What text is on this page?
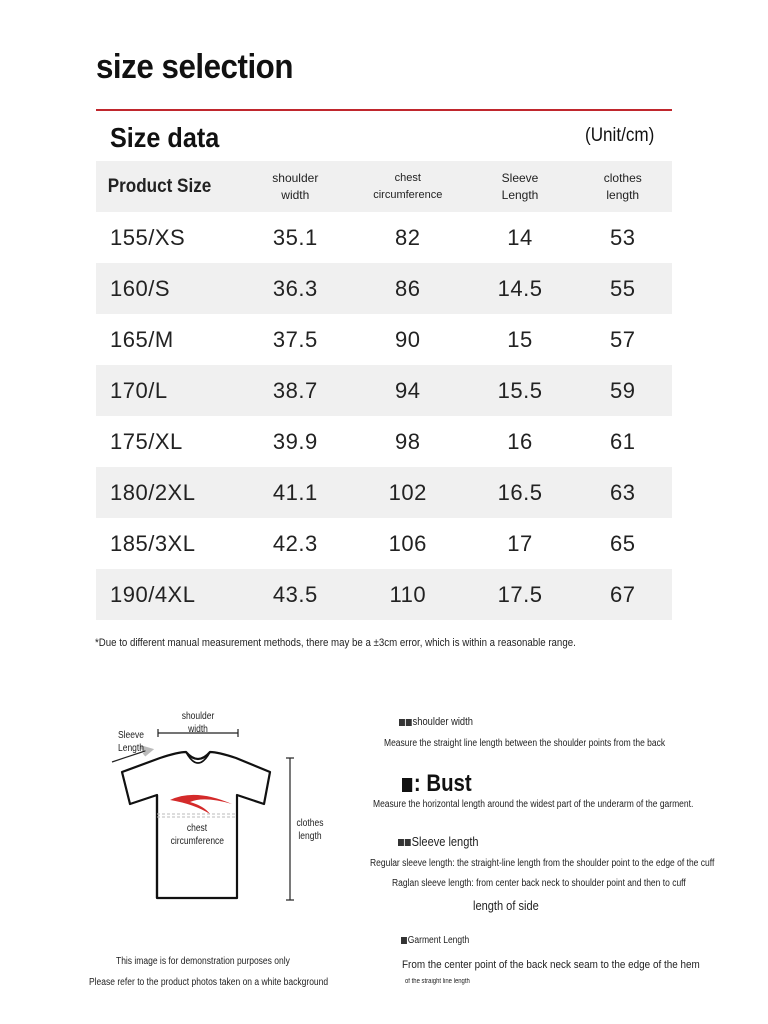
size selection
Size data	(Unit/cm)
Product Size	shoulder width	chest circumference	Sleeve Length	clothes length
155/XS	35.1	82	14	53
160/S	36.3	86	14.5	55
165/M	37.5	90	15	57
170/L	38.7	94	15.5	59
175/XL	39.9	98	16	61
180/2XL	41.1	102	16.5	63
185/3XL	42.3	106	17	65
190/4XL	43.5	110	17.5	67
*Due to different manual measurement methods, there may be a ±3cm error, which is within a reasonable range.
shoulder width
Sleeve Length
chest circumference
clothes length
This image is for demonstration purposes only
Please refer to the product photos taken on a white background
shoulder width
Measure the straight line length between the shoulder points from the back
: Bust
Measure the horizontal length around the widest part of the underarm of the garment.
Sleeve length
Regular sleeve length: the straight-line length from the shoulder point to the edge of the cuff
Raglan sleeve length: from center back neck to shoulder point and then to cuff
length of side
Garment Length
From the center point of the back neck seam to the edge of the hem
of the straight line length
